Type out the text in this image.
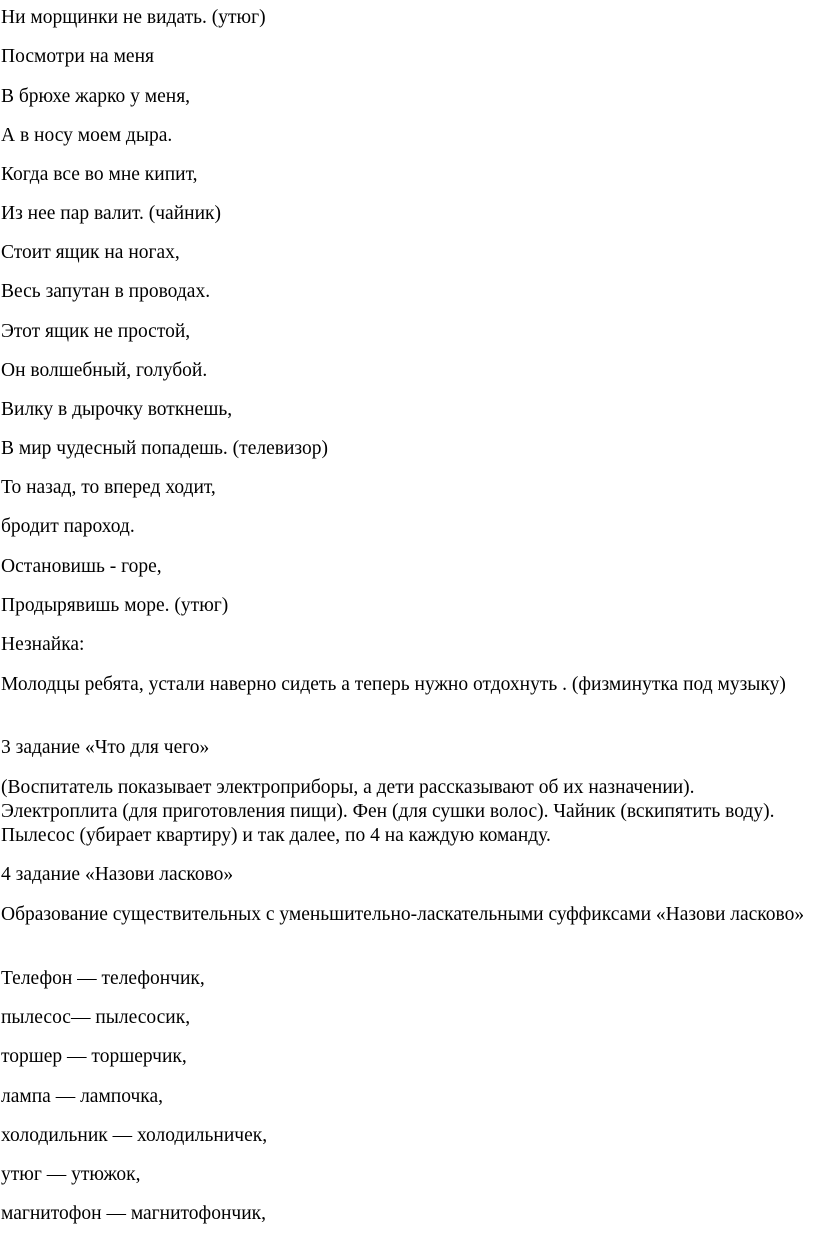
Ни морщинки не видать. (утюг)

Посмотри на меня

В брюхе жарко у меня,

А в носу моем дыра.

Когда все во мне кипит,

Из нее пар валит. (чайник)

Стоит ящик на ногах,

Весь запутан в проводах.

Этот ящик не простой,

Он волшебный, голубой.

Вилку в дырочку воткнешь,

В мир чудесный попадешь. (телевизор)

То назад, то вперед ходит,

бродит пароход.

Остановишь - горе,

Продырявишь море. (утюг)

Незнайка:

Молодцы ребята, устали наверно сидеть а теперь нужно отдохнуть . (физминутка под музыку)

3 задание «Что для чего»

(Воспитатель показывает электроприборы, а дети рассказывают об их назначении). Электроплита (для приготовления пищи). Фен (для сушки волос). Чайник (вскипятить воду). Пылесос (убирает квартиру) и так далее, по 4 на каждую команду.

4 задание «Назови ласково»

Образование существительных с уменьшительно-ласкательными суффиксами «Назови ласково»

Телефон — телефончик,

пылесос— пылесосик,

торшер — торшерчик,

лампа — лампочка,

холодильник — холодильничек,

утюг — утюжок,

магнитофон — магнитофончик,
